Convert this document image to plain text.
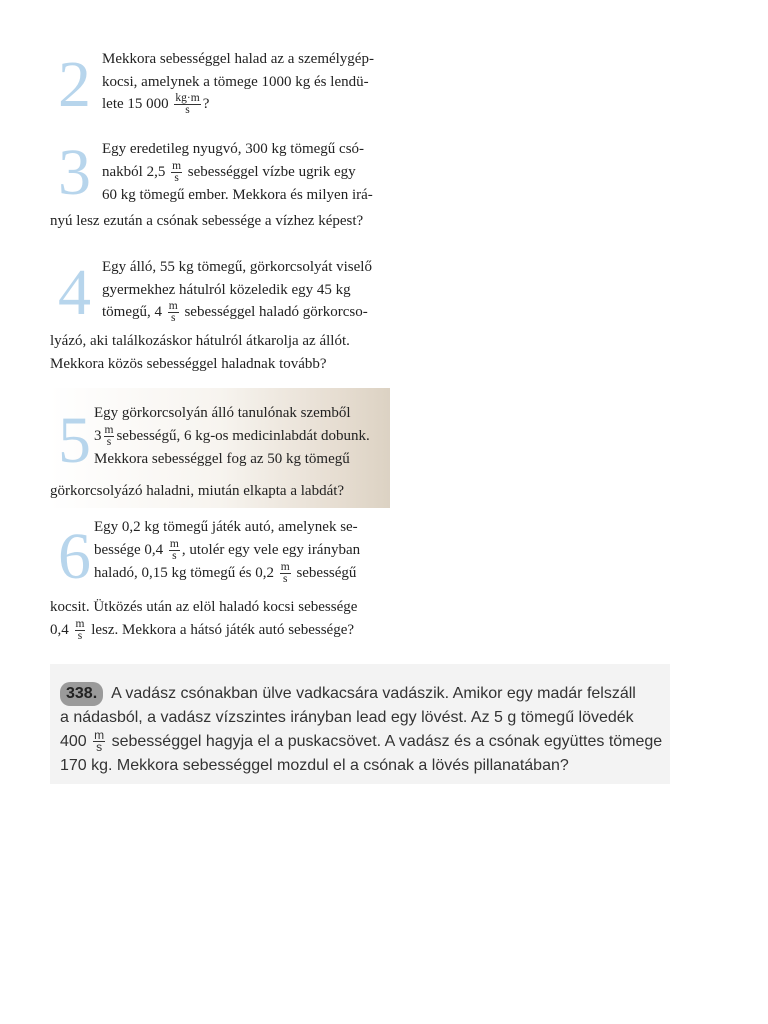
2 Mekkora sebességgel halad az a személygép-
kocsi, amelynek a tömege 1000 kg és lendü-
lete 15 $000 \frac{kg\cdot m}{s}$ ?
3 Egy eredetileg nyugvó, 300 kg tömegű csó-
nakból $2,5 \frac{m}{s}$ sebességgel vízbe ugrik egy
60 kg tömegű ember. Mekkora és milyen irá-
nyú lesz ezután a csónak sebessége a vízhez képest?
4 Egy álló, 55 kg tömegű, görkorcsolyát viselő
gyermekhez hátulról közeledik egy 45 kg
tömegű, $4 \frac{m}{s}$ sebességgel haladó görkorcso-
lyázó, aki találkozáskor hátulról átkarolja az állót.
Mekkora közös sebességgel haladnak tovább?
5 Egy görkorcsolyán álló tanulónak szemből
$3 \frac{m}{s}$ sebességű, 6 kg-os medicinlabdát dobunk.
Mekkora sebességgel fog az 50 kg tömegű
görkorcsolyázó haladni, miután elkapta a labdát?
6 Egy 0,2 kg tömegű játék autó, amelynek se-
bessége $0,4 \frac{m}{s}$ , utolér egy vele egy irányban
haladó, 0,15 kg tömegű és $0,2 \frac{m}{s}$ sebességű
kocsit. Ütközés után az elöl haladó kocsi sebessége
$0,4 \frac{m}{s}$ lesz. Mekkora a hátsó játék autó sebessége?
338. A vadász csónakban ülve vadkacsára vadászik. Amikor egy madár felszáll
a nádasból, a vadász vízszintes irányban lead egy lövést. Az 5 g tömegű lövedék
$400 \frac{m}{s}$ sebességgel hagyja el a puskacsövet. A vadász és a csónak együttes tömege
170 kg. Mekkora sebességgel mozdul el a csónak a lövés pillanatában?
